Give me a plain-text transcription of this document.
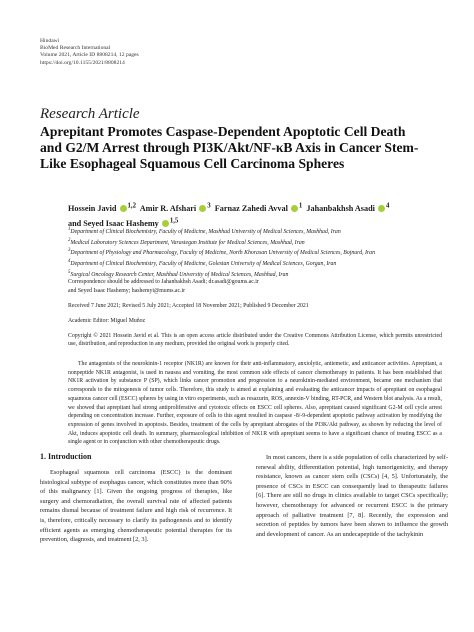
Hindawi
BioMed Research International
Volume 2021, Article ID 8808214, 12 pages
https://doi.org/10.1155/2021/8808214
Research Article
Aprepitant Promotes Caspase-Dependent Apoptotic Cell Death
and G2/M Arrest through PI3K/Akt/NF-κB Axis in Cancer Stem-
Like Esophageal Squamous Cell Carcinoma Spheres
Hossein Javid $^{1,2}$ Amir R. Afshari $^3$ Farnaz Zahedi Avval $^1$ Jahanbakhsh Asadi $^4$
and Seyed Isaac Hashemy $^{1,5}$
$^1$Department of Clinical Biochemistry, Faculty of Medicine, Mashhad University of Medical Sciences, Mashhad, Iran
$^2$Medical Laboratory Sciences Department, Varastegan Institute for Medical Sciences, Mashhad, Iran
$^3$Department of Physiology and Pharmacology, Faculty of Medicine, North Khorasan University of Medical Sciences, Bojnurd, Iran
$^4$Department of Clinical Biochemistry, Faculty of Medicine, Golestan University of Medical Sciences, Gorgan, Iran
$^5$Surgical Oncology Research Center, Mashhad University of Medical Sciences, Mashhad, Iran
Correspondence should be addressed to Jahanbakhsh Asadi; dr.asadi@goums.ac.ir
and Seyed Isaac Hashemy; hashemyi@mums.ac.ir
Received 7 June 2021; Revised 5 July 2021; Accepted 18 November 2021; Published 9 December 2021
Academic Editor: Miguel Muñoz
Copyright © 2021 Hossein Javid et al. This is an open access article distributed under the Creative Commons Attribution License, which permits unrestricted use, distribution, and reproduction in any medium, provided the original work is properly cited.
The antagonists of the neurokinin-1 receptor (NK1R) are known for their anti-inflammatory, anxiolytic, antiemetic, and anticancer activities. Aprepitant, a nonpeptide NK1R antagonist, is used in nausea and vomiting, the most common side effects of cancer chemotherapy in patients. It has been established that NK1R activation by substance P (SP), which links cancer promotion and progression to a neurokinin-mediated environment, became one mechanism that corresponds to the mitogenesis of tumor cells. Therefore, this study is aimed at explaining and evaluating the anticancer impacts of aprepitant on esophageal squamous cancer cell (ESCC) spheres by using in vitro experiments, such as resazurin, ROS, annexin-V binding, RT-PCR, and Western blot analysis. As a result, we showed that aprepitant had strong antiproliferative and cytotoxic effects on ESCC cell spheres. Also, aprepitant caused significant G2-M cell cycle arrest depending on concentration increase. Further, exposure of cells to this agent resulted in caspase -8/-9-dependent apoptotic pathway activation by modifying the expression of genes involved in apoptosis. Besides, treatment of the cells by aprepitant abrogates of the PI3K/Akt pathway, as shown by reducing the level of Akt, induces apoptotic cell death. In summary, pharmacological inhibition of NK1R with aprepitant seems to have a significant chance of treating ESCC as a single agent or in conjunction with other chemotherapeutic drugs.
1. Introduction
Esophageal squamous cell carcinoma (ESCC) is the dominant histological subtype of esophagus cancer, which constitutes more than 90% of this malignancy [1]. Given the ongoing progress of therapies, like surgery and chemoradiation, the overall survival rate of affected patients remains dismal because of treatment failure and high risk of recurrence. It is, therefore, critically necessary to clarify its pathogenesis and to identify efficient agents as emerging chemotherapeutic potential therapies for its prevention, diagnosis, and treatment [2, 3].
In most cancers, there is a side population of cells characterized by self-renewal ability, differentiation potential, high tumorigenicity, and therapy resistance, known as cancer stem cells (CSCs) [4, 5]. Unfortunately, the presence of CSCs in ESCC can consequently lead to therapeutic failures [6]. There are still no drugs in clinics available to target CSCs specifically; however, chemotherapy for advanced or recurrent ESCC is the primary approach of palliative treatment [7, 8]. Recently, the expression and secretion of peptides by tumors have been shown to influence the growth and development of cancer. As an undecapeptide of the tachykinin
